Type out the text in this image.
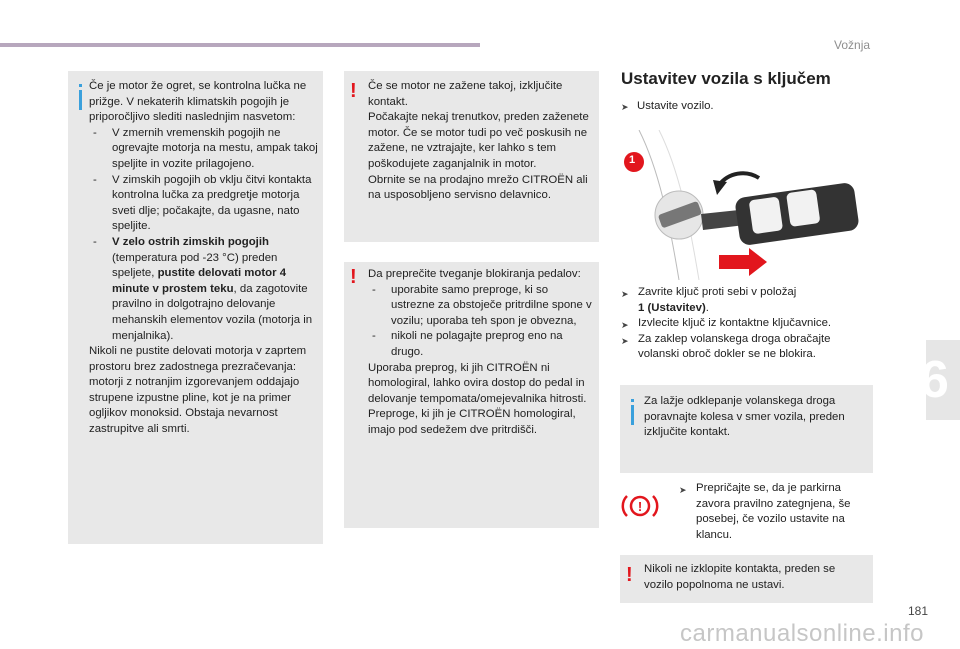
Vožnja
Če je motor že ogret, se kontrolna lučka ne prižge. V nekaterih klimatskih pogojih je priporočljivo slediti naslednjim nasvetom:
- V zmernih vremenskih pogojih ne ogrevajte motorja na mestu, ampak takoj speljite in vozite prilagojeno.
- V zimskih pogojih ob vklju čitvi kontakta kontrolna lučka za predgretje motorja sveti dlje; počakajte, da ugasne, nato speljite.
- V zelo ostrih zimskih pogojih
(temperatura pod -23 °C) preden speljete, pustite delovati motor 4 minute v prostem teku, da zagotovite pravilno in dolgotrajno delovanje mehanskih elementov vozila (motorja in menjalnika).
Nikoli ne pustite delovati motorja v zaprtem prostoru brez zadostnega prezračevanja: motorji z notranjim izgorevanjem oddajajo strupene izpustne pline, kot je na primer ogljikov monoksid. Obstaja nevarnost zastrupitve ali smrti.
! Če se motor ne zažene takoj, izključite kontakt.
Počakajte nekaj trenutkov, preden zaženete motor. Če se motor tudi po več poskusih ne zažene, ne vztrajajte, ker lahko s tem poškodujete zaganjalnik in motor.
Obrnite se na prodajno mrežo CITROËN ali na usposobljeno servisno delavnico.
! Da preprečite tveganje blokiranja pedalov:
- uporabite samo preproge, ki so ustrezne za obstoječe pritrdilne spone v vozilu; uporaba teh spon je obvezna,
- nikoli ne polagajte preprog eno na drugo.
Uporaba preprog, ki jih CITROËN ni homologiral, lahko ovira dostop do pedal in delovanje tempomata/omejevalnika hitrosti.
Preproge, ki jih je CITROËN homologiral, imajo pod sedežem dve pritrdišči.
Ustavitev vozila s ključem
➤ Ustavite vozilo.
1
➤ Zavrite ključ proti sebi v položaj
1 (Ustavitev).
➤ Izvlecite ključ iz kontaktne ključavnice.
➤ Za zaklep volanskega droga obračajte volanski obroč dokler se ne blokira.
Za lažje odklepanje volanskega droga poravnajte kolesa v smer vozila, preden izključite kontakt.
!
➤ Prepričajte se, da je parkirna zavora pravilno zategnjena, še posebej, če vozilo ustavite na klancu.
! Nikoli ne izklopite kontakta, preden se vozilo popolnoma ne ustavi.
6
181
carmanualsonline.info
